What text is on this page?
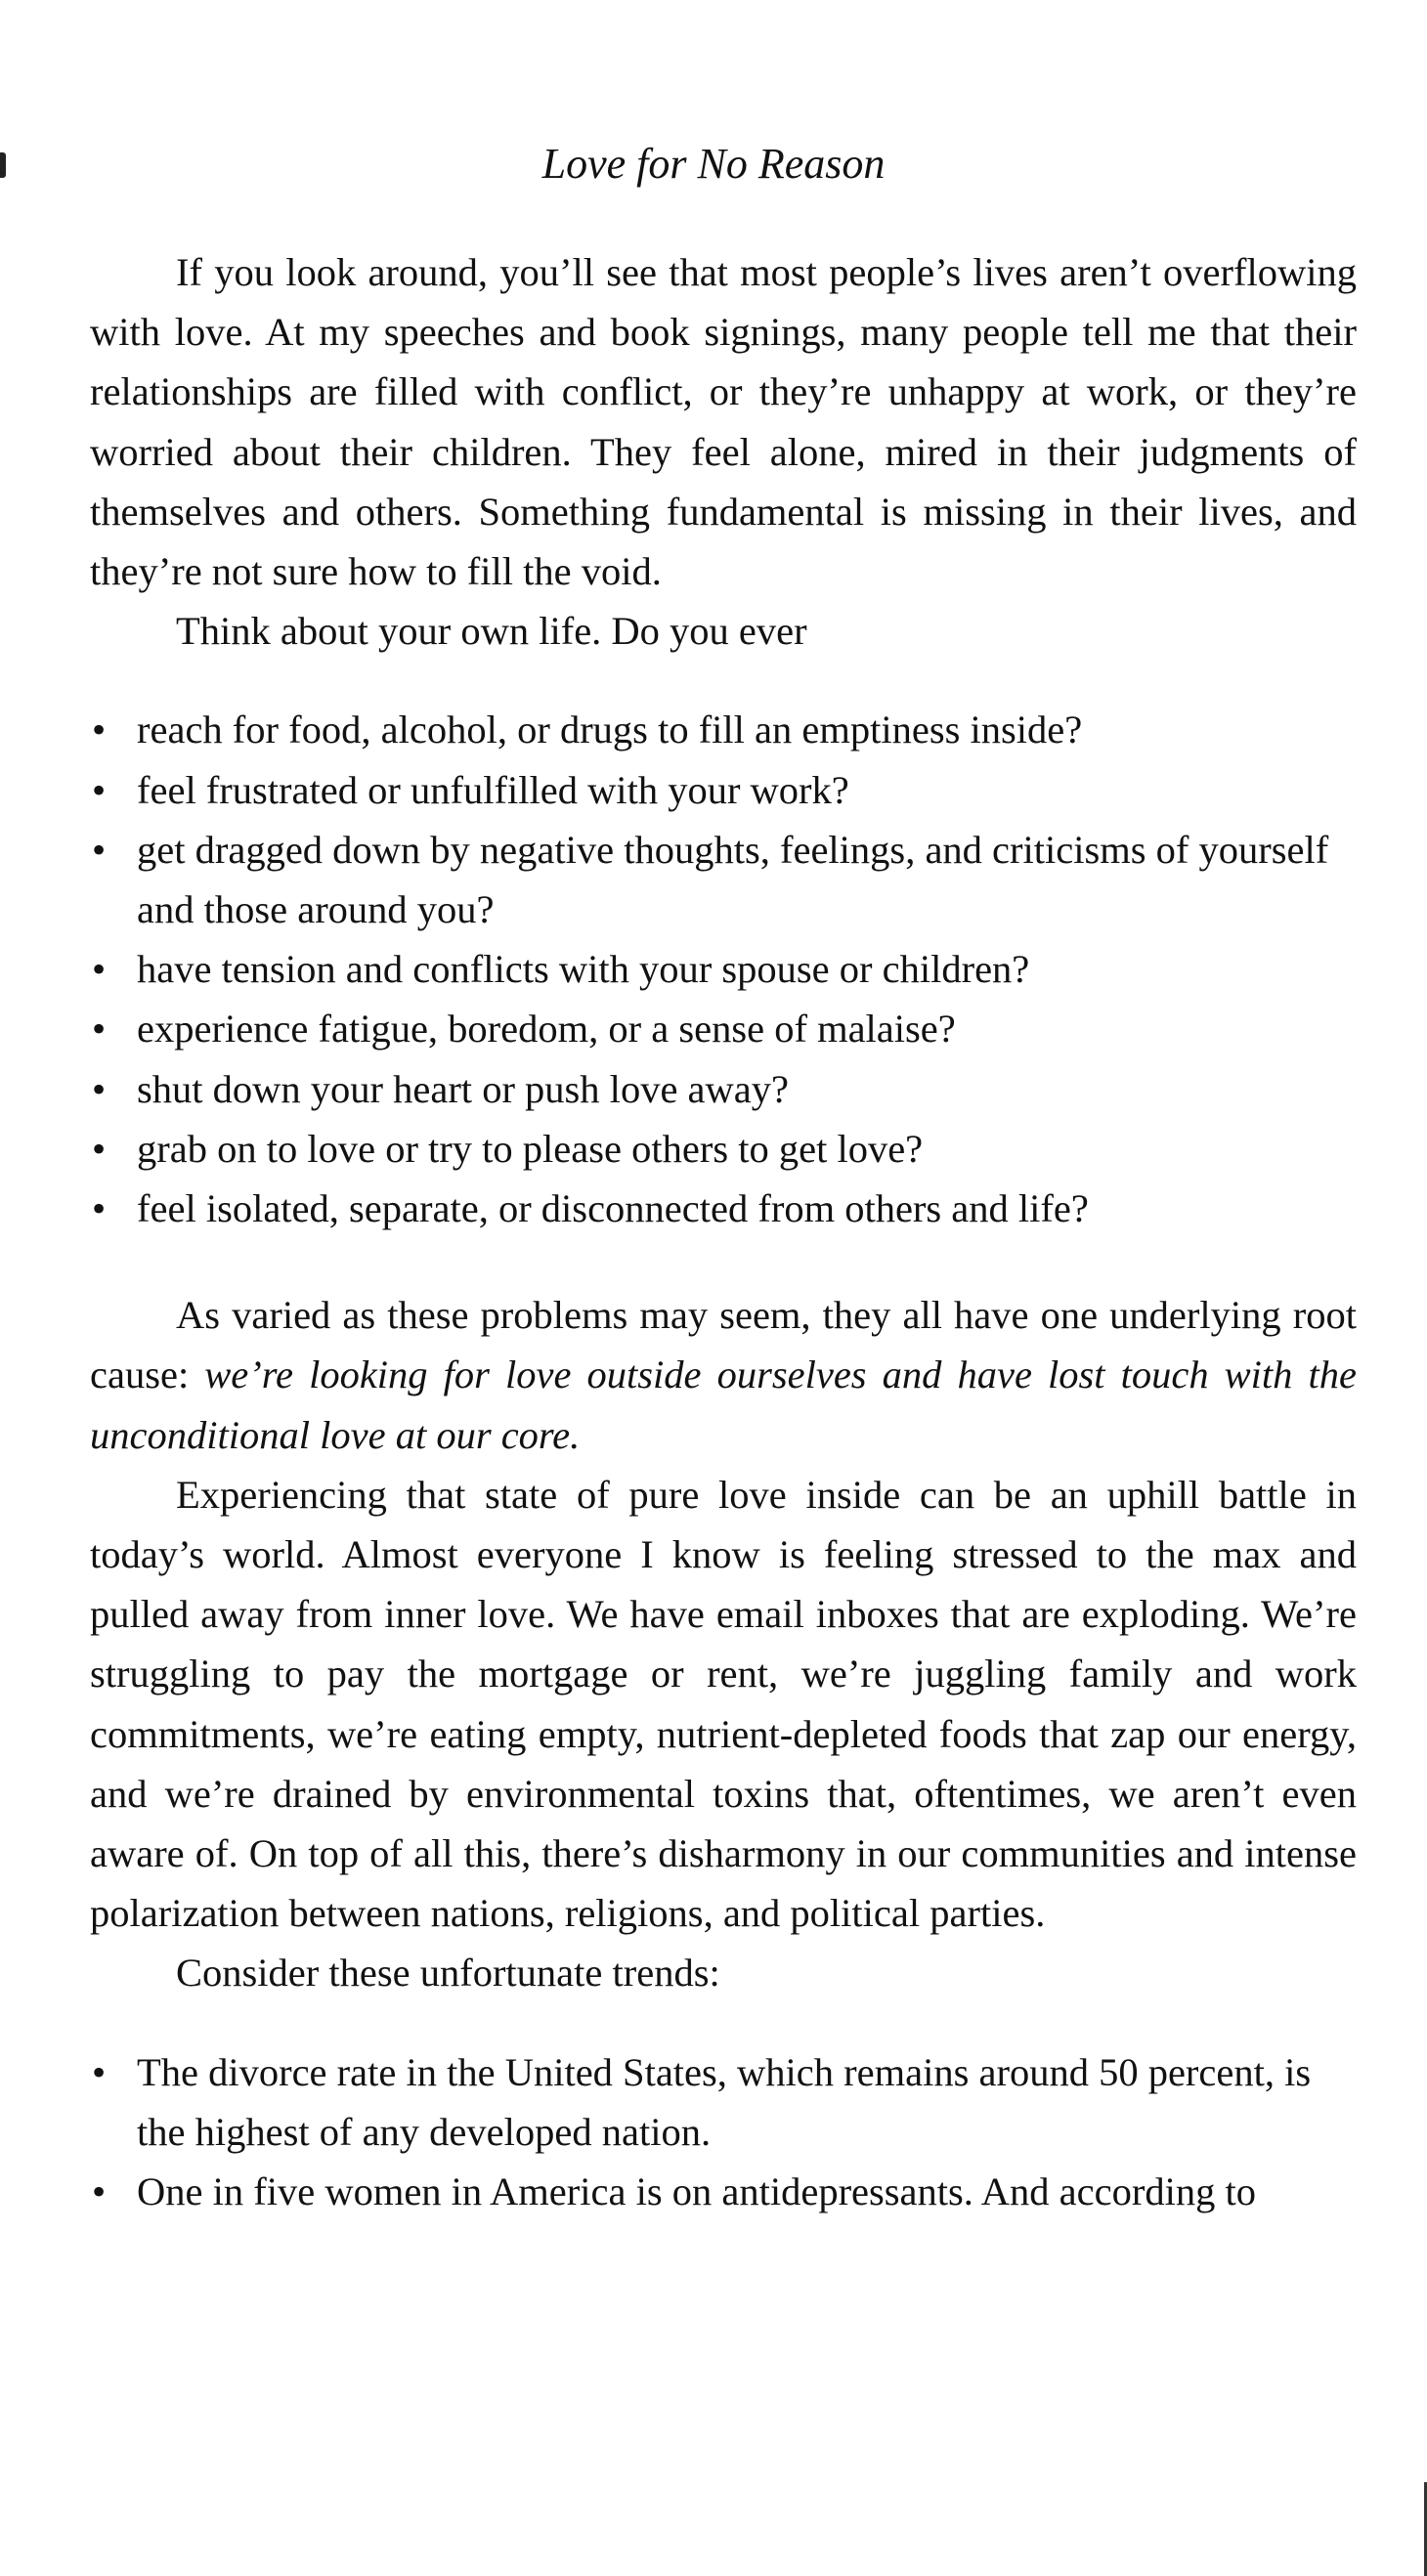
Love for No Reason

If you look around, you’ll see that most people’s lives aren’t overflowing with love. At my speeches and book signings, many people tell me that their relationships are filled with conflict, or they’re unhappy at work, or they’re worried about their children. They feel alone, mired in their judgments of themselves and others. Something fundamental is missing in their lives, and they’re not sure how to fill the void.

Think about your own life. Do you ever

• reach for food, alcohol, or drugs to fill an emptiness inside?
• feel frustrated or unfulfilled with your work?
• get dragged down by negative thoughts, feelings, and criticisms of yourself and those around you?
• have tension and conflicts with your spouse or children?
• experience fatigue, boredom, or a sense of malaise?
• shut down your heart or push love away?
• grab on to love or try to please others to get love?
• feel isolated, separate, or disconnected from others and life?

As varied as these problems may seem, they all have one underlying root cause: we’re looking for love outside ourselves and have lost touch with the unconditional love at our core.

Experiencing that state of pure love inside can be an uphill battle in today’s world. Almost everyone I know is feeling stressed to the max and pulled away from inner love. We have email inboxes that are exploding. We’re struggling to pay the mortgage or rent, we’re juggling family and work commitments, we’re eating empty, nutrient-depleted foods that zap our energy, and we’re drained by environmental toxins that, oftentimes, we aren’t even aware of. On top of all this, there’s disharmony in our communities and intense polarization between nations, religions, and political parties.

Consider these unfortunate trends:

• The divorce rate in the United States, which remains around 50 percent, is the highest of any developed nation.
• One in five women in America is on antidepressants. And according to
